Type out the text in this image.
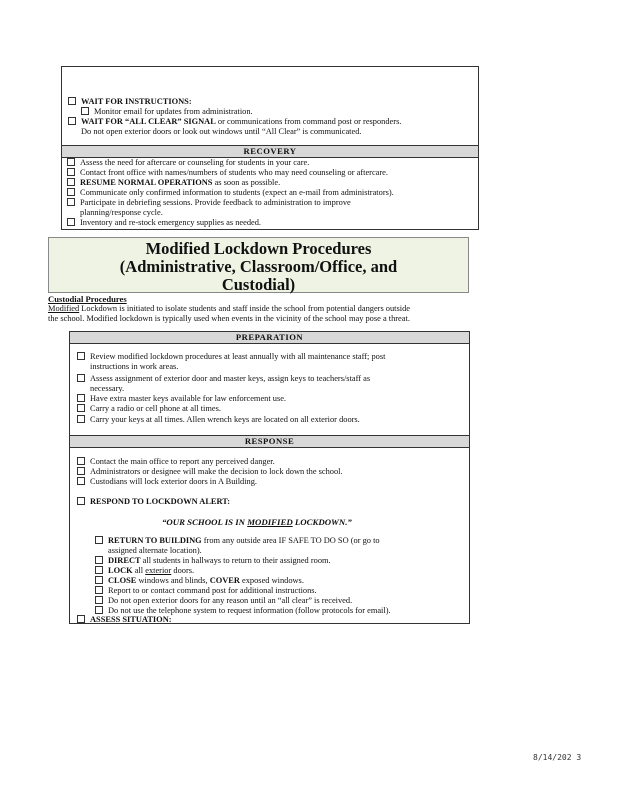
WAIT FOR INSTRUCTIONS:
Monitor email for updates from administration.
WAIT FOR “ALL CLEAR” SIGNAL or communications from command post or responders.
Do not open exterior doors or look out windows until “All Clear” is communicated.
RECOVERY
Assess the need for aftercare or counseling for students in your care.
Contact front office with names/numbers of students who may need counseling or aftercare.
RESUME NORMAL OPERATIONS as soon as possible.
Communicate only confirmed information to students (expect an e-mail from administrators).
Participate in debriefing sessions. Provide feedback to administration to improve
planning/response cycle.
Inventory and re-stock emergency supplies as needed.
Modified Lockdown Procedures
(Administrative, Classroom/Office, and
Custodial)
Custodial Procedures
Modified Lockdown is initiated to isolate students and staff inside the school from potential dangers outside
the school. Modified lockdown is typically used when events in the vicinity of the school may pose a threat.
PREPARATION
Review modified lockdown procedures at least annually with all maintenance staff; post
instructions in work areas.
Assess assignment of exterior door and master keys, assign keys to teachers/staff as
necessary.
Have extra master keys available for law enforcement use.
Carry a radio or cell phone at all times.
Carry your keys at all times. Allen wrench keys are located on all exterior doors.
RESPONSE
Contact the main office to report any perceived danger.
Administrators or designee will make the decision to lock down the school.
Custodians will lock exterior doors in A Building.
RESPOND TO LOCKDOWN ALERT:
“OUR SCHOOL IS IN MODIFIED LOCKDOWN.”
RETURN TO BUILDING from any outside area IF SAFE TO DO SO (or go to
assigned alternate location).
DIRECT all students in hallways to return to their assigned room.
LOCK all exterior doors.
CLOSE windows and blinds, COVER exposed windows.
Report to or contact command post for additional instructions.
Do not open exterior doors for any reason until an “all clear” is received.
Do not use the telephone system to request information (follow protocols for email).
ASSESS SITUATION:
8/14/202 3
